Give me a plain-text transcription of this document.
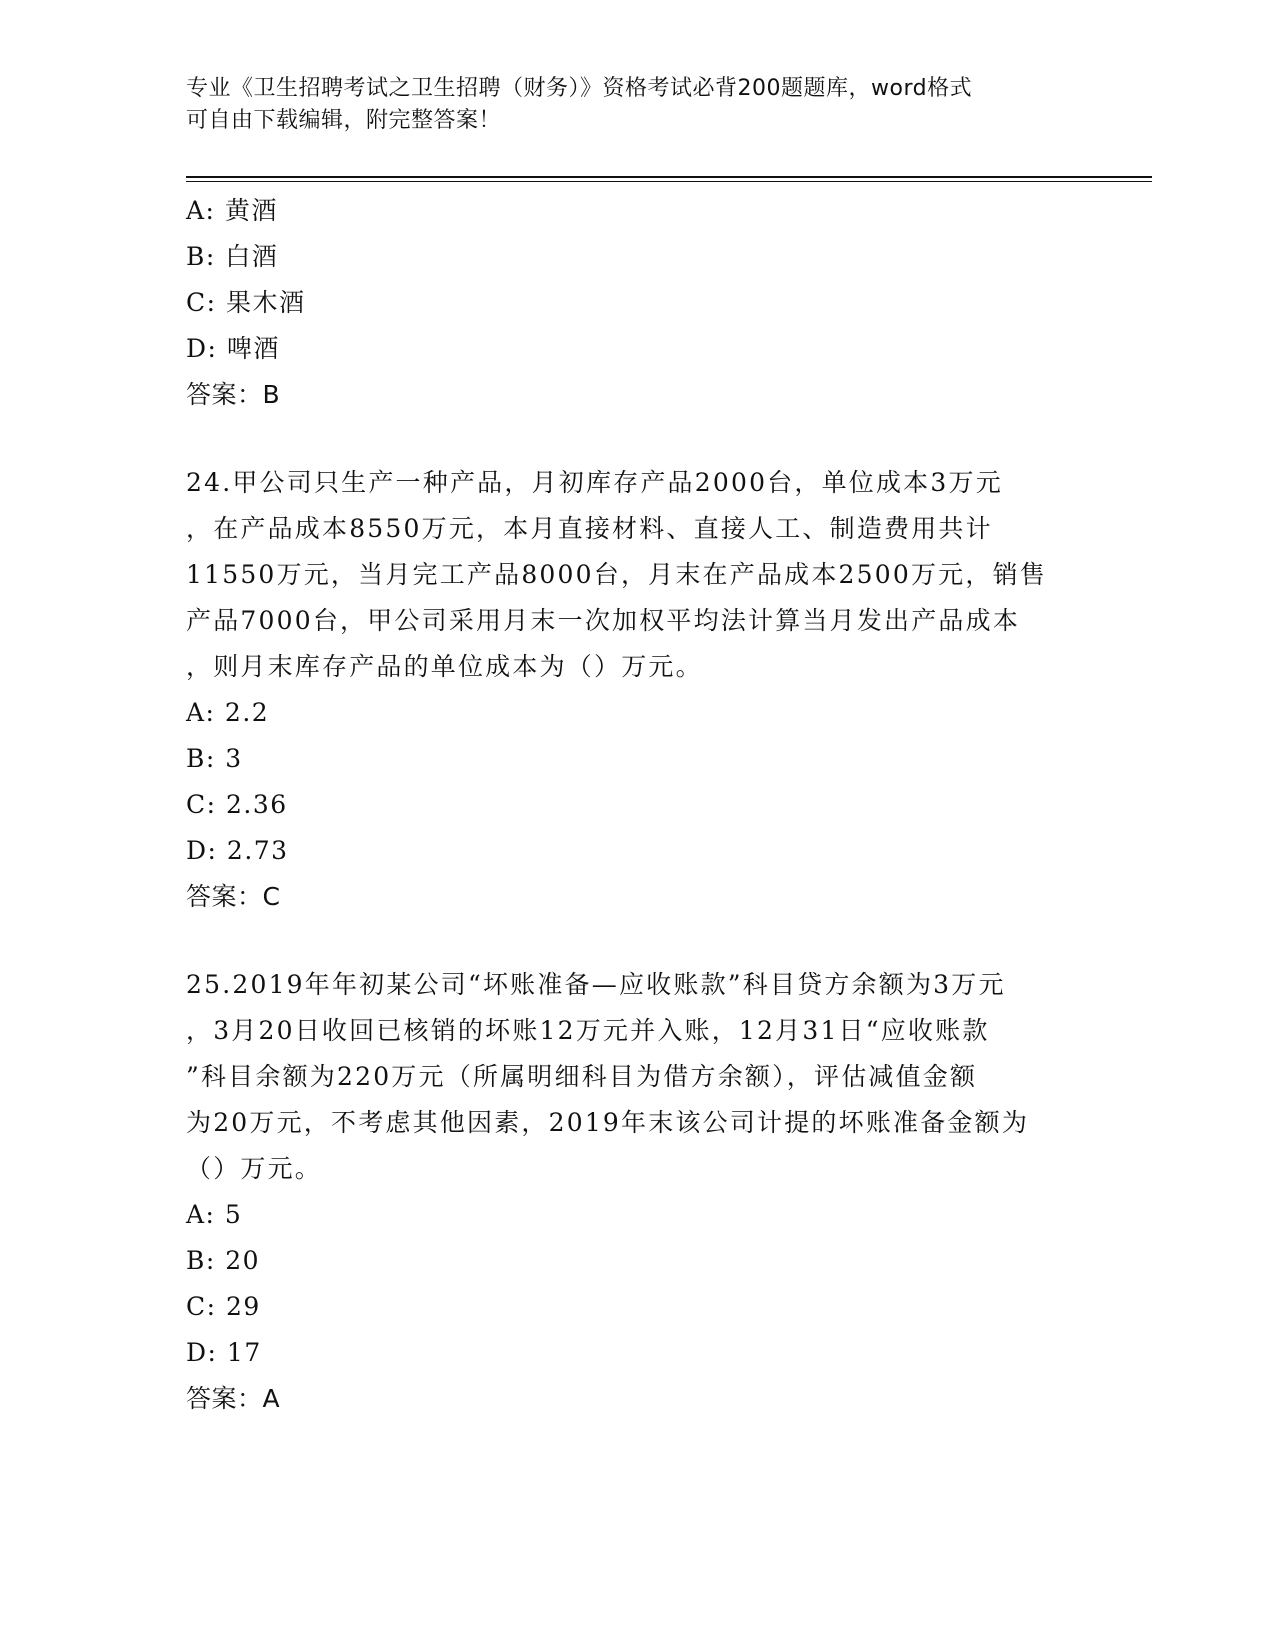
专业《卫生招聘考试之卫生招聘（财务）》资格考试必背200题题库，word格式
可自由下载编辑，附完整答案！
A: 黄酒
B: 白酒
C: 果木酒
D: 啤酒
答案：B
24.甲公司只生产一种产品，月初库存产品2000台，单位成本3万元
，在产品成本8550万元，本月直接材料、直接人工、制造费用共计
11550万元，当月完工产品8000台，月末在产品成本2500万元，销售
产品7000台，甲公司采用月末一次加权平均法计算当月发出产品成本
，则月末库存产品的单位成本为（）万元。
A: 2.2
B: 3
C: 2.36
D: 2.73
答案：C
25.2019年年初某公司“坏账准备—应收账款”科目贷方余额为3万元
，3月20日收回已核销的坏账12万元并入账，12月31日“应收账款
”科目余额为220万元（所属明细科目为借方余额），评估减值金额
为20万元，不考虑其他因素，2019年末该公司计提的坏账准备金额为
（）万元。
A: 5
B: 20
C: 29
D: 17
答案：A
